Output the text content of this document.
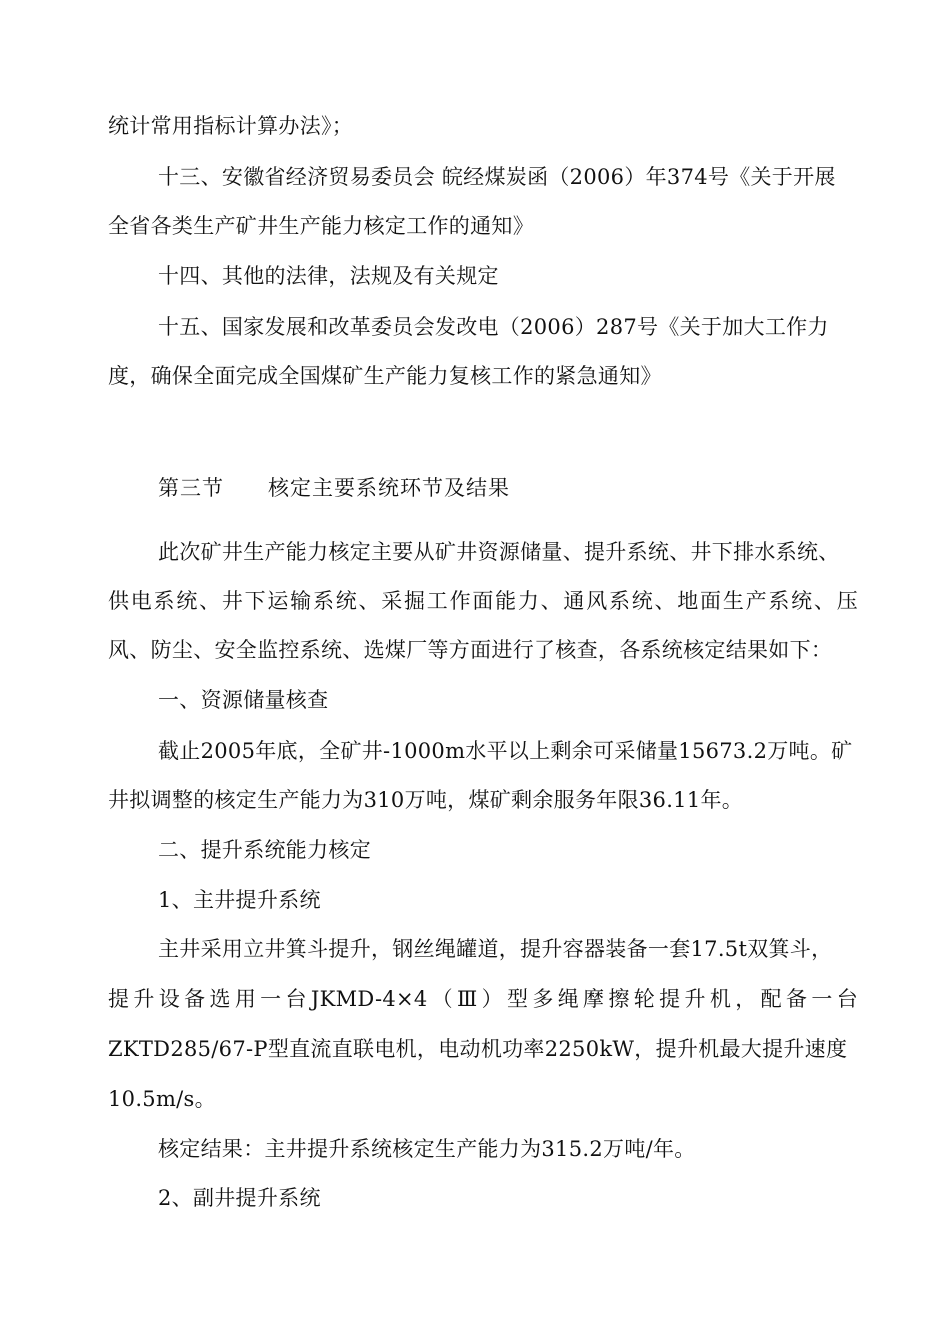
统计常用指标计算办法》；
十三、安徽省经济贸易委员会 皖经煤炭函（2006）年374号《关于开展
全省各类生产矿井生产能力核定工作的通知》
十四、其他的法律，法规及有关规定
十五、国家发展和改革委员会发改电（2006）287号《关于加大工作力
度，确保全面完成全国煤矿生产能力复核工作的紧急通知》
第三节 核定主要系统环节及结果
此次矿井生产能力核定主要从矿井资源储量、提升系统、井下排水系统、
供电系统、井下运输系统、采掘工作面能力、通风系统、地面生产系统、压
风、防尘、安全监控系统、选煤厂等方面进行了核查，各系统核定结果如下：
一、资源储量核查
截止2005年底，全矿井-1000m水平以上剩余可采储量15673.2万吨。矿
井拟调整的核定生产能力为310万吨，煤矿剩余服务年限36.11年。
二、提升系统能力核定
1、主井提升系统
主井采用立井箕斗提升，钢丝绳罐道，提升容器装备一套17.5t双箕斗，
提升设备选用一台JKMD-4×4（Ⅲ）型多绳摩擦轮提升机，配备一台
ZKTD285/67-P型直流直联电机，电动机功率2250kW，提升机最大提升速度
10.5m/s。
核定结果：主井提升系统核定生产能力为315.2万吨/年。
2、副井提升系统
